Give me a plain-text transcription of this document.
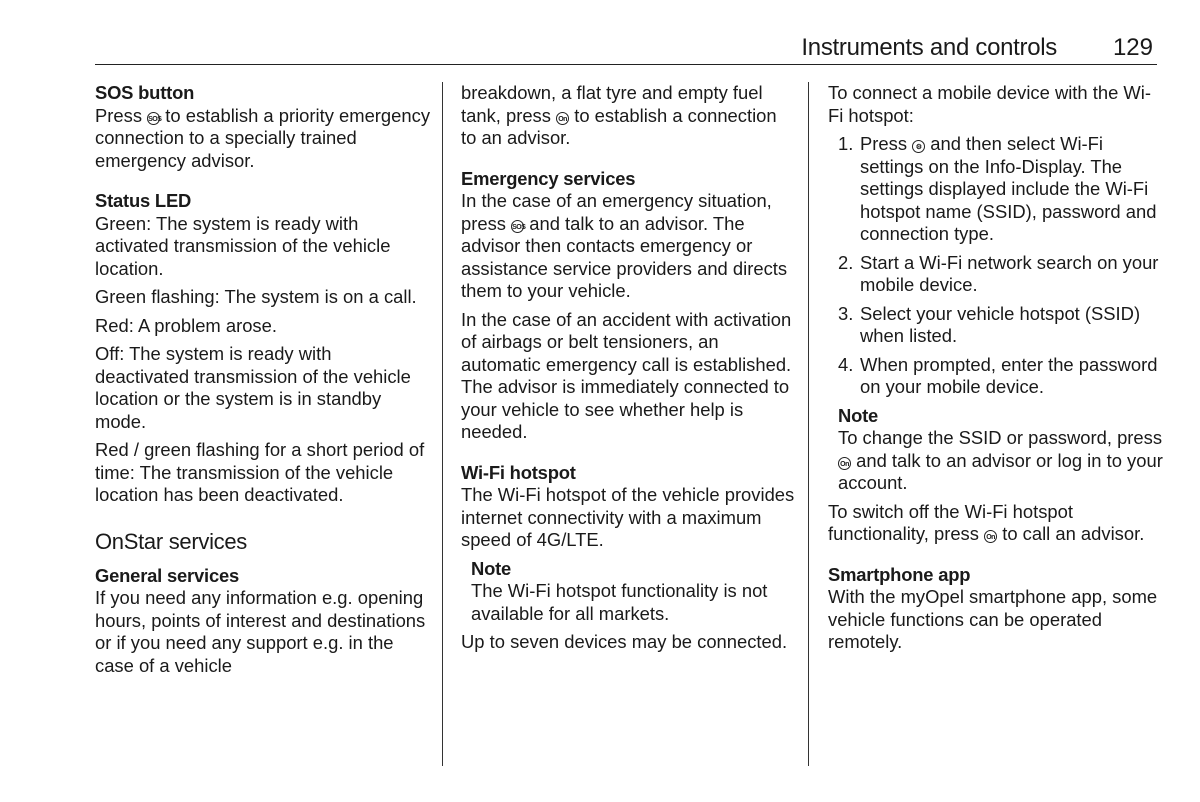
Instruments and controls 129
SOS button

Press SOS to establish a priority emergency connection to a specially trained emergency advisor.

Status LED

Green: The system is ready with activated transmission of the vehicle location.

Green flashing: The system is on a call.

Red: A problem arose.

Off: The system is ready with deactivated transmission of the vehicle location or the system is in standby mode.

Red / green flashing for a short period of time: The transmission of the vehicle location has been deactivated.

OnStar services
General services

If you need any information e.g. opening hours, points of interest and destinations or if you need any support e.g. in the case of a vehicle

breakdown, a flat tyre and empty fuel tank, press On to establish a connection to an advisor.

Emergency services

In the case of an emergency situation, press SOS and talk to an advisor. The advisor then contacts emergency or assistance service providers and directs them to your vehicle.

In the case of an accident with activation of airbags or belt tensioners, an automatic emergency call is established. The advisor is immediately connected to your vehicle to see whether help is needed.

Wi-Fi hotspot

The Wi-Fi hotspot of the vehicle provides internet connectivity with a maximum speed of 4G/LTE.

Note

The Wi-Fi hotspot functionality is not available for all markets.

Up to seven devices may be connected.

To connect a mobile device with the Wi-Fi hotspot:

1. Press ⚙ and then select Wi-Fi settings on the Info-Display. The settings displayed include the Wi-Fi hotspot name (SSID), password and connection type.
2. Start a Wi-Fi network search on your mobile device.
3. Select your vehicle hotspot (SSID) when listed.
4. When prompted, enter the password on your mobile device.
Note

To change the SSID or password, press On and talk to an advisor or log in to your account.

To switch off the Wi-Fi hotspot functionality, press On to call an advisor.

Smartphone app

With the myOpel smartphone app, some vehicle functions can be operated remotely.
